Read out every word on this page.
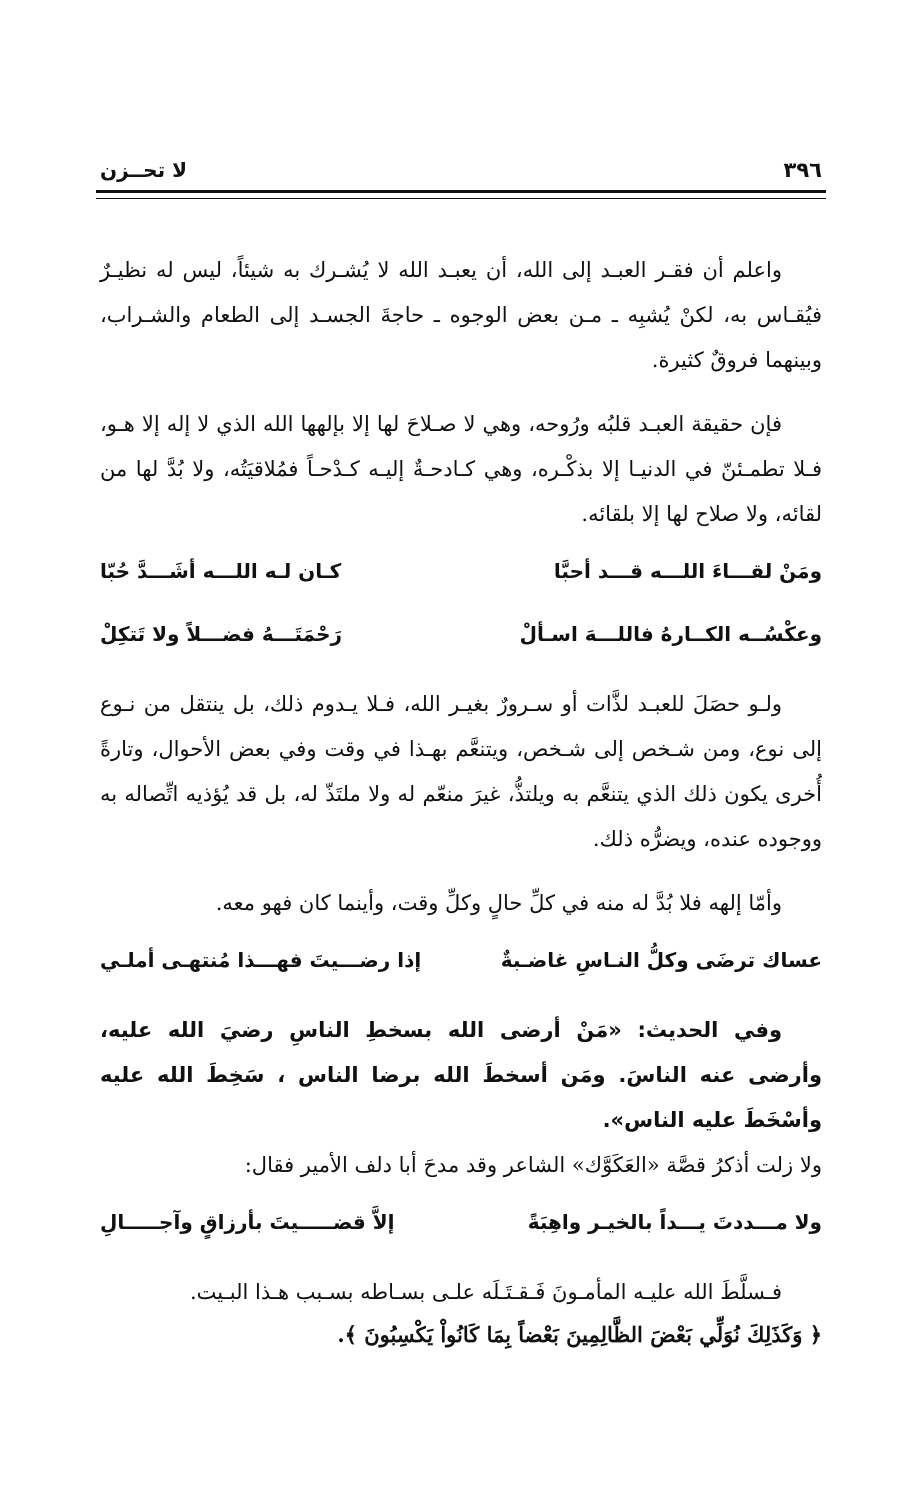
٣٩٦
لا تحــزن

واعلم أن فقـر العبـد إلى الله، أن يعبـد الله لا يُشـرك به شيئاً، ليس له نظيـرٌ فيُقـاس به، لكنْ يُشبِه ـ مـن بعض الوجوه ـ حاجةَ الجسـد إلى الطعام والشـراب، وبينهما فروقٌ كثيرة.

فإن حقيقة العبـد قلبُه ورُوحه، وهي لا صـلاحَ لها إلا بإلهها الله الذي لا إله إلا هـو، فـلا تطمـئنّ في الدنيـا إلا بذكْـره، وهي كـادحـةٌ إليـه كـدْحـاً فمُلاقيَتُه، ولا بُدَّ لها من لقائه، ولا صلاح لها إلا بلقائه.

ومَنْ لقـــاءَ اللـــه قـــد أحبَّا
كـان لـه اللـــه أشَـــدَّ حُبّا
وعكْسُــه الكــارهُ فاللـــهَ اسـألْ
رَحْمَتَـــهُ فضـــلاً ولا تَتكِلْ

ولـو حصَلَ للعبـد لذَّات أو سـرورٌ بغيـر الله، فـلا يـدوم ذلك، بل ينتقل من نـوع إلى نوع، ومن شـخص إلى شـخص، ويتنعَّم بهـذا في وقت وفي بعض الأحوال، وتارةً أُخرى يكون ذلك الذي يتنعَّم به ويلتذُّ، غيرَ منعّم له ولا ملتَذّ له، بل قد يُؤذيه اتِّصاله به ووجوده عنده، ويضرُّه ذلك.

وأمّا إلهه فلا بُدَّ له منه في كلِّ حالٍ وكلِّ وقت، وأينما كان فهو معه.

عساك ترضَى وكلُّ النـاسِ غاضـبةٌ
إذا رضـــيتَ فهـــذا مُنتهـى أملـي

وفي الحديث: «مَنْ أرضى الله بسخطِ الناسِ رضيَ الله عليه، وأرضى عنه الناسَ. ومَن أسخطَ الله برضا الناس ، سَخِطَ الله عليه وأسْخَطَ عليه الناس».

ولا زلت أذكرُ قصَّة «العَكَوَّك» الشاعر وقد مدحَ أبا دلف الأمير فقال:

ولا مـــددتَ يـــداً بالخيـر واهِبَةً
إلاَّ قضـــــيتَ بأرزاقٍ وآجـــــالِ

فـسلَّطَ الله عليـه المأمـونَ فَـقـتَـلَه علـى بسـاطه بسـبب هـذا البـيت.

﴿ وَكَذَلِكَ نُوَلِّي بَعْضَ الظَّالِمِينَ بَعْضاً بِمَا كَانُواْ يَكْسِبُونَ ﴾.
